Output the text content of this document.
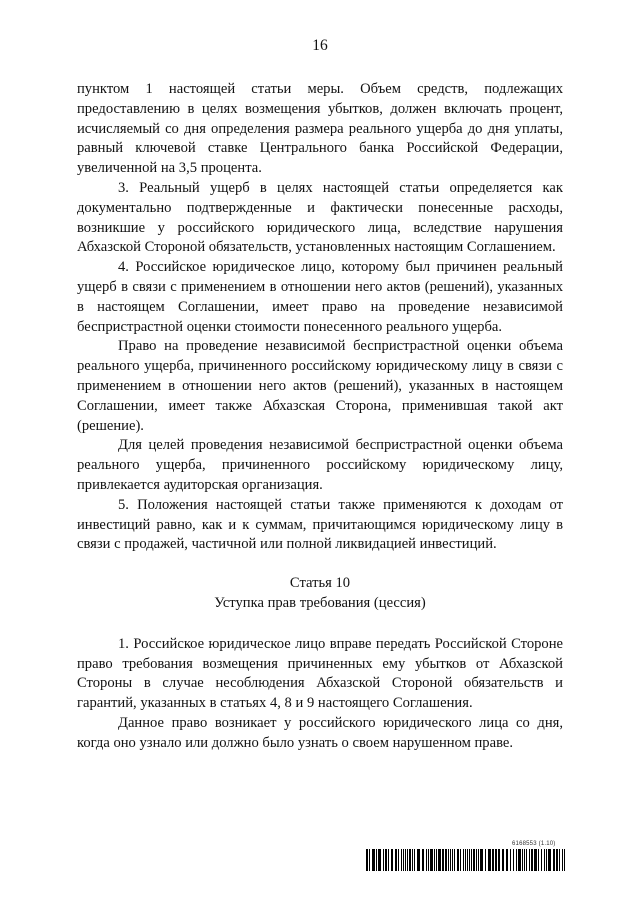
16

пунктом 1 настоящей статьи меры. Объем средств, подлежащих предоставлению в целях возмещения убытков, должен включать процент, исчисляемый со дня определения размера реального ущерба до дня уплаты, равный ключевой ставке Центрального банка Российской Федерации, увеличенной на 3,5 процента.

3. Реальный ущерб в целях настоящей статьи определяется как документально подтвержденные и фактически понесенные расходы, возникшие у российского юридического лица, вследствие нарушения Абхазской Стороной обязательств, установленных настоящим Соглашением.

4. Российское юридическое лицо, которому был причинен реальный ущерб в связи с применением в отношении него актов (решений), указанных в настоящем Соглашении, имеет право на проведение независимой беспристрастной оценки стоимости понесенного реального ущерба.

Право на проведение независимой беспристрастной оценки объема реального ущерба, причиненного российскому юридическому лицу в связи с применением в отношении него актов (решений), указанных в настоящем Соглашении, имеет также Абхазская Сторона, применившая такой акт (решение).

Для целей проведения независимой беспристрастной оценки объема реального ущерба, причиненного российскому юридическому лицу, привлекается аудиторская организация.

5. Положения настоящей статьи также применяются к доходам от инвестиций равно, как и к суммам, причитающимся юридическому лицу в связи с продажей, частичной или полной ликвидацией инвестиций.

Статья 10
Уступка прав требования (цессия)

1. Российское юридическое лицо вправе передать Российской Стороне право требования возмещения причиненных ему убытков от Абхазской Стороны в случае несоблюдения Абхазской Стороной обязательств и гарантий, указанных в статьях 4, 8 и 9 настоящего Соглашения.

Данное право возникает у российского юридического лица со дня, когда оно узнало или должно было узнать о своем нарушенном праве.

6168553 (1.10)
